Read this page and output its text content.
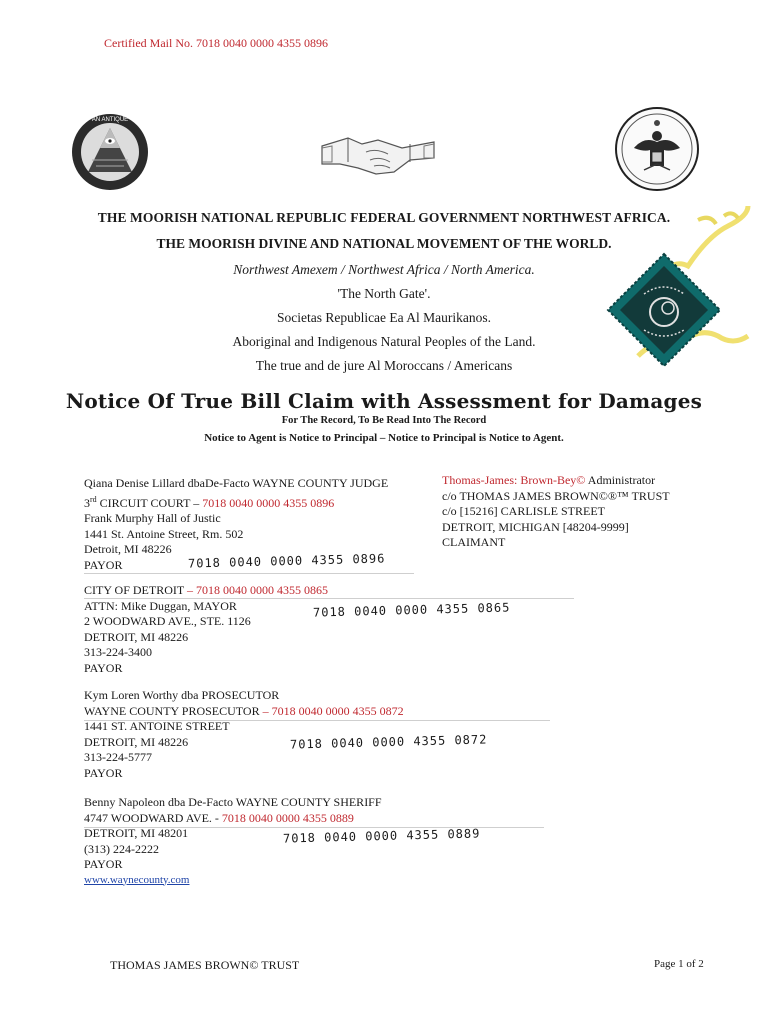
Certified Mail No. 7018 0040 0000 4355 0896
AN ANTIQUE
THE MOORISH NATIONAL REPUBLIC FEDERAL GOVERNMENT NORTHWEST AFRICA.
THE MOORISH DIVINE AND NATIONAL MOVEMENT OF THE WORLD.
Northwest Amexem / Northwest Africa / North America.
'The North Gate'.
Societas Republicae Ea Al Maurikanos.
Aboriginal and Indigenous Natural Peoples of the Land.
The true and de jure Al Moroccans / Americans
Notice Of True Bill Claim with Assessment for Damages
For The Record, To Be Read Into The Record
Notice to Agent is Notice to Principal – Notice to Principal is Notice to Agent.
Qiana Denise Lillard dbaDe-Facto WAYNE COUNTY JUDGE
3rd CIRCUIT COURT – 7018 0040 0000 4355 0896
Frank Murphy Hall of Justic
1441 St. Antoine Street, Rm. 502
Detroit, MI 48226
PAYOR	7018 0040 0000 4355 0896
Thomas-James: Brown-Bey© Administrator
c/o THOMAS JAMES BROWN©®™ TRUST
c/o [15216] CARLISLE STREET
DETROIT, MICHIGAN [48204-9999]
CLAIMANT
CITY OF DETROIT – 7018 0040 0000 4355 0865
ATTN: Mike Duggan, MAYOR
2 WOODWARD AVE., STE. 1126
DETROIT, MI 48226
313-224-3400
PAYOR
7018 0040 0000 4355 0865
Kym Loren Worthy dba PROSECUTOR
WAYNE COUNTY PROSECUTOR – 7018 0040 0000 4355 0872
1441 ST. ANTOINE STREET
DETROIT, MI 48226
313-224-5777
PAYOR
7018 0040 0000 4355 0872
Benny Napoleon dba De-Facto WAYNE COUNTY SHERIFF
4747 WOODWARD AVE. - 7018 0040 0000 4355 0889
DETROIT, MI 48201
(313) 224-2222
PAYOR
www.waynecounty.com
7018 0040 0000 4355 0889
THOMAS JAMES BROWN© TRUST	Page 1 of 2
